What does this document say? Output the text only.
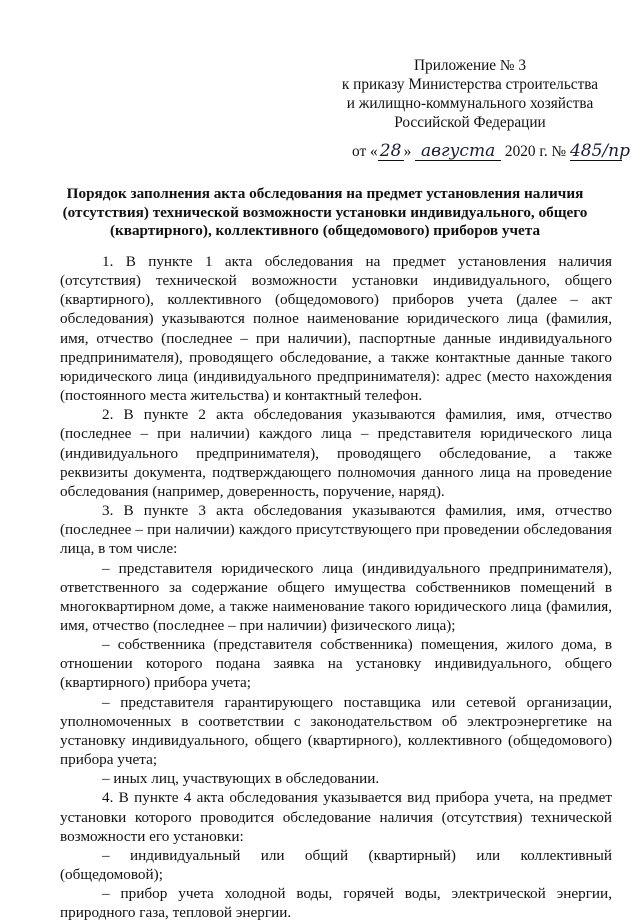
Приложение № 3
к приказу Министерства строительства
и жилищно-коммунального хозяйства
Российской Федерации
от « 28 » августа 2020 г. № 485/пр
Порядок заполнения акта обследования на предмет установления наличия (отсутствия) технической возможности установки индивидуального, общего (квартирного), коллективного (общедомового) приборов учета

1. В пункте 1 акта обследования на предмет установления наличия (отсутствия) технической возможности установки индивидуального, общего (квартирного), коллективного (общедомового) приборов учета (далее – акт обследования) указываются полное наименование юридического лица (фамилия, имя, отчество (последнее – при наличии), паспортные данные индивидуального предпринимателя), проводящего обследование, а также контактные данные такого юридического лица (индивидуального предпринимателя): адрес (место нахождения (постоянного места жительства) и контактный телефон.

2. В пункте 2 акта обследования указываются фамилия, имя, отчество (последнее – при наличии) каждого лица – представителя юридического лица (индивидуального предпринимателя), проводящего обследование, а также реквизиты документа, подтверждающего полномочия данного лица на проведение обследования (например, доверенность, поручение, наряд).

3. В пункте 3 акта обследования указываются фамилия, имя, отчество (последнее – при наличии) каждого присутствующего при проведении обследования лица, в том числе:

– представителя юридического лица (индивидуального предпринимателя), ответственного за содержание общего имущества собственников помещений в многоквартирном доме, а также наименование такого юридического лица (фамилия, имя, отчество (последнее – при наличии) физического лица);

– собственника (представителя собственника) помещения, жилого дома, в отношении которого подана заявка на установку индивидуального, общего (квартирного) прибора учета;

– представителя гарантирующего поставщика или сетевой организации, уполномоченных в соответствии с законодательством об электроэнергетике на установку индивидуального, общего (квартирного), коллективного (общедомового) прибора учета;

– иных лиц, участвующих в обследовании.

4. В пункте 4 акта обследования указывается вид прибора учета, на предмет установки которого проводится обследование наличия (отсутствия) технической возможности его установки:

– индивидуальный или общий (квартирный) или коллективный (общедомовой);

– прибор учета холодной воды, горячей воды, электрической энергии, природного газа, тепловой энергии.
